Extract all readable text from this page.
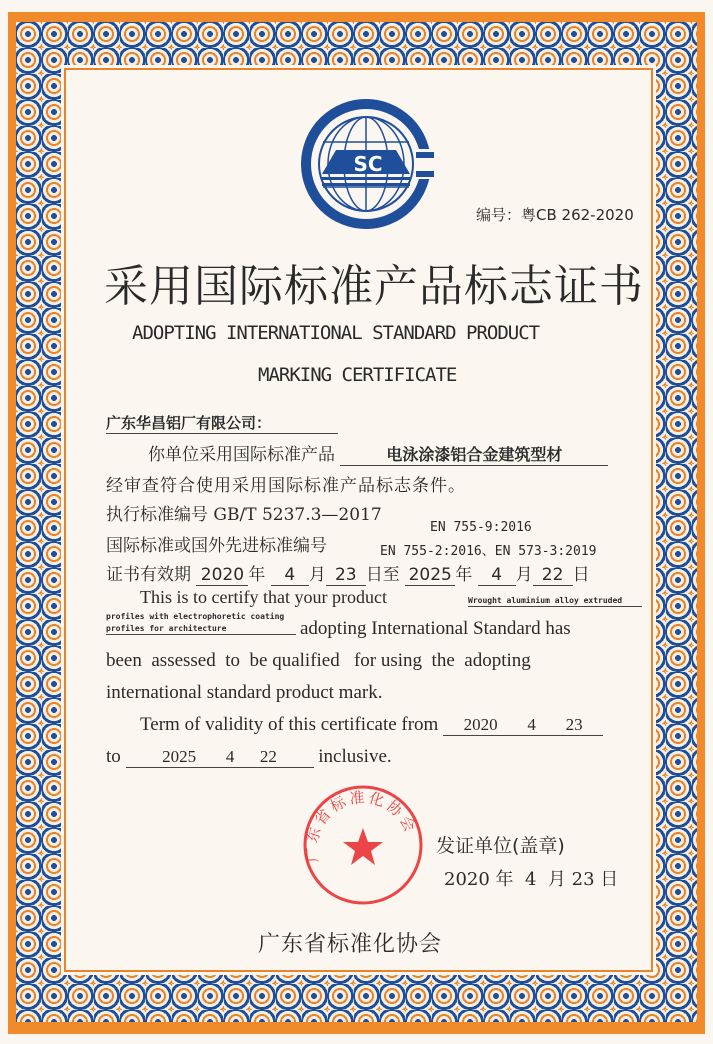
SC
编号：粤CB 262-2020
采用国际标准产品标志证书
ADOPTING INTERNATIONAL STANDARD PRODUCT
MARKING CERTIFICATE
广东华昌铝厂有限公司：
你单位采用国际标准产品	电泳涂漆铝合金建筑型材
经审查符合使用采用国际标准产品标志条件。
执行标准编号 GB/T 5237.3—2017
国际标准或国外先进标准编号
EN 755-9:2016
EN 755-2:2016、EN 573-3:2019
证书有效期 2020 年 4 月 23 日至 2025 年 4 月 22 日
This is to certify that your product	Wrought aluminium alloy extruded
profiles with electrophoretic coating
profiles for architecture	adopting International Standard has
been  assessed  to  be qualified   for using  the  adopting
international standard product mark.
Term of validity of this certificate from 2020 4 23
to 2025 4 22 inclusive.
广东省标准化协会
发证单位(盖章)
2020 年 4 月 23 日
广东省标准化协会
